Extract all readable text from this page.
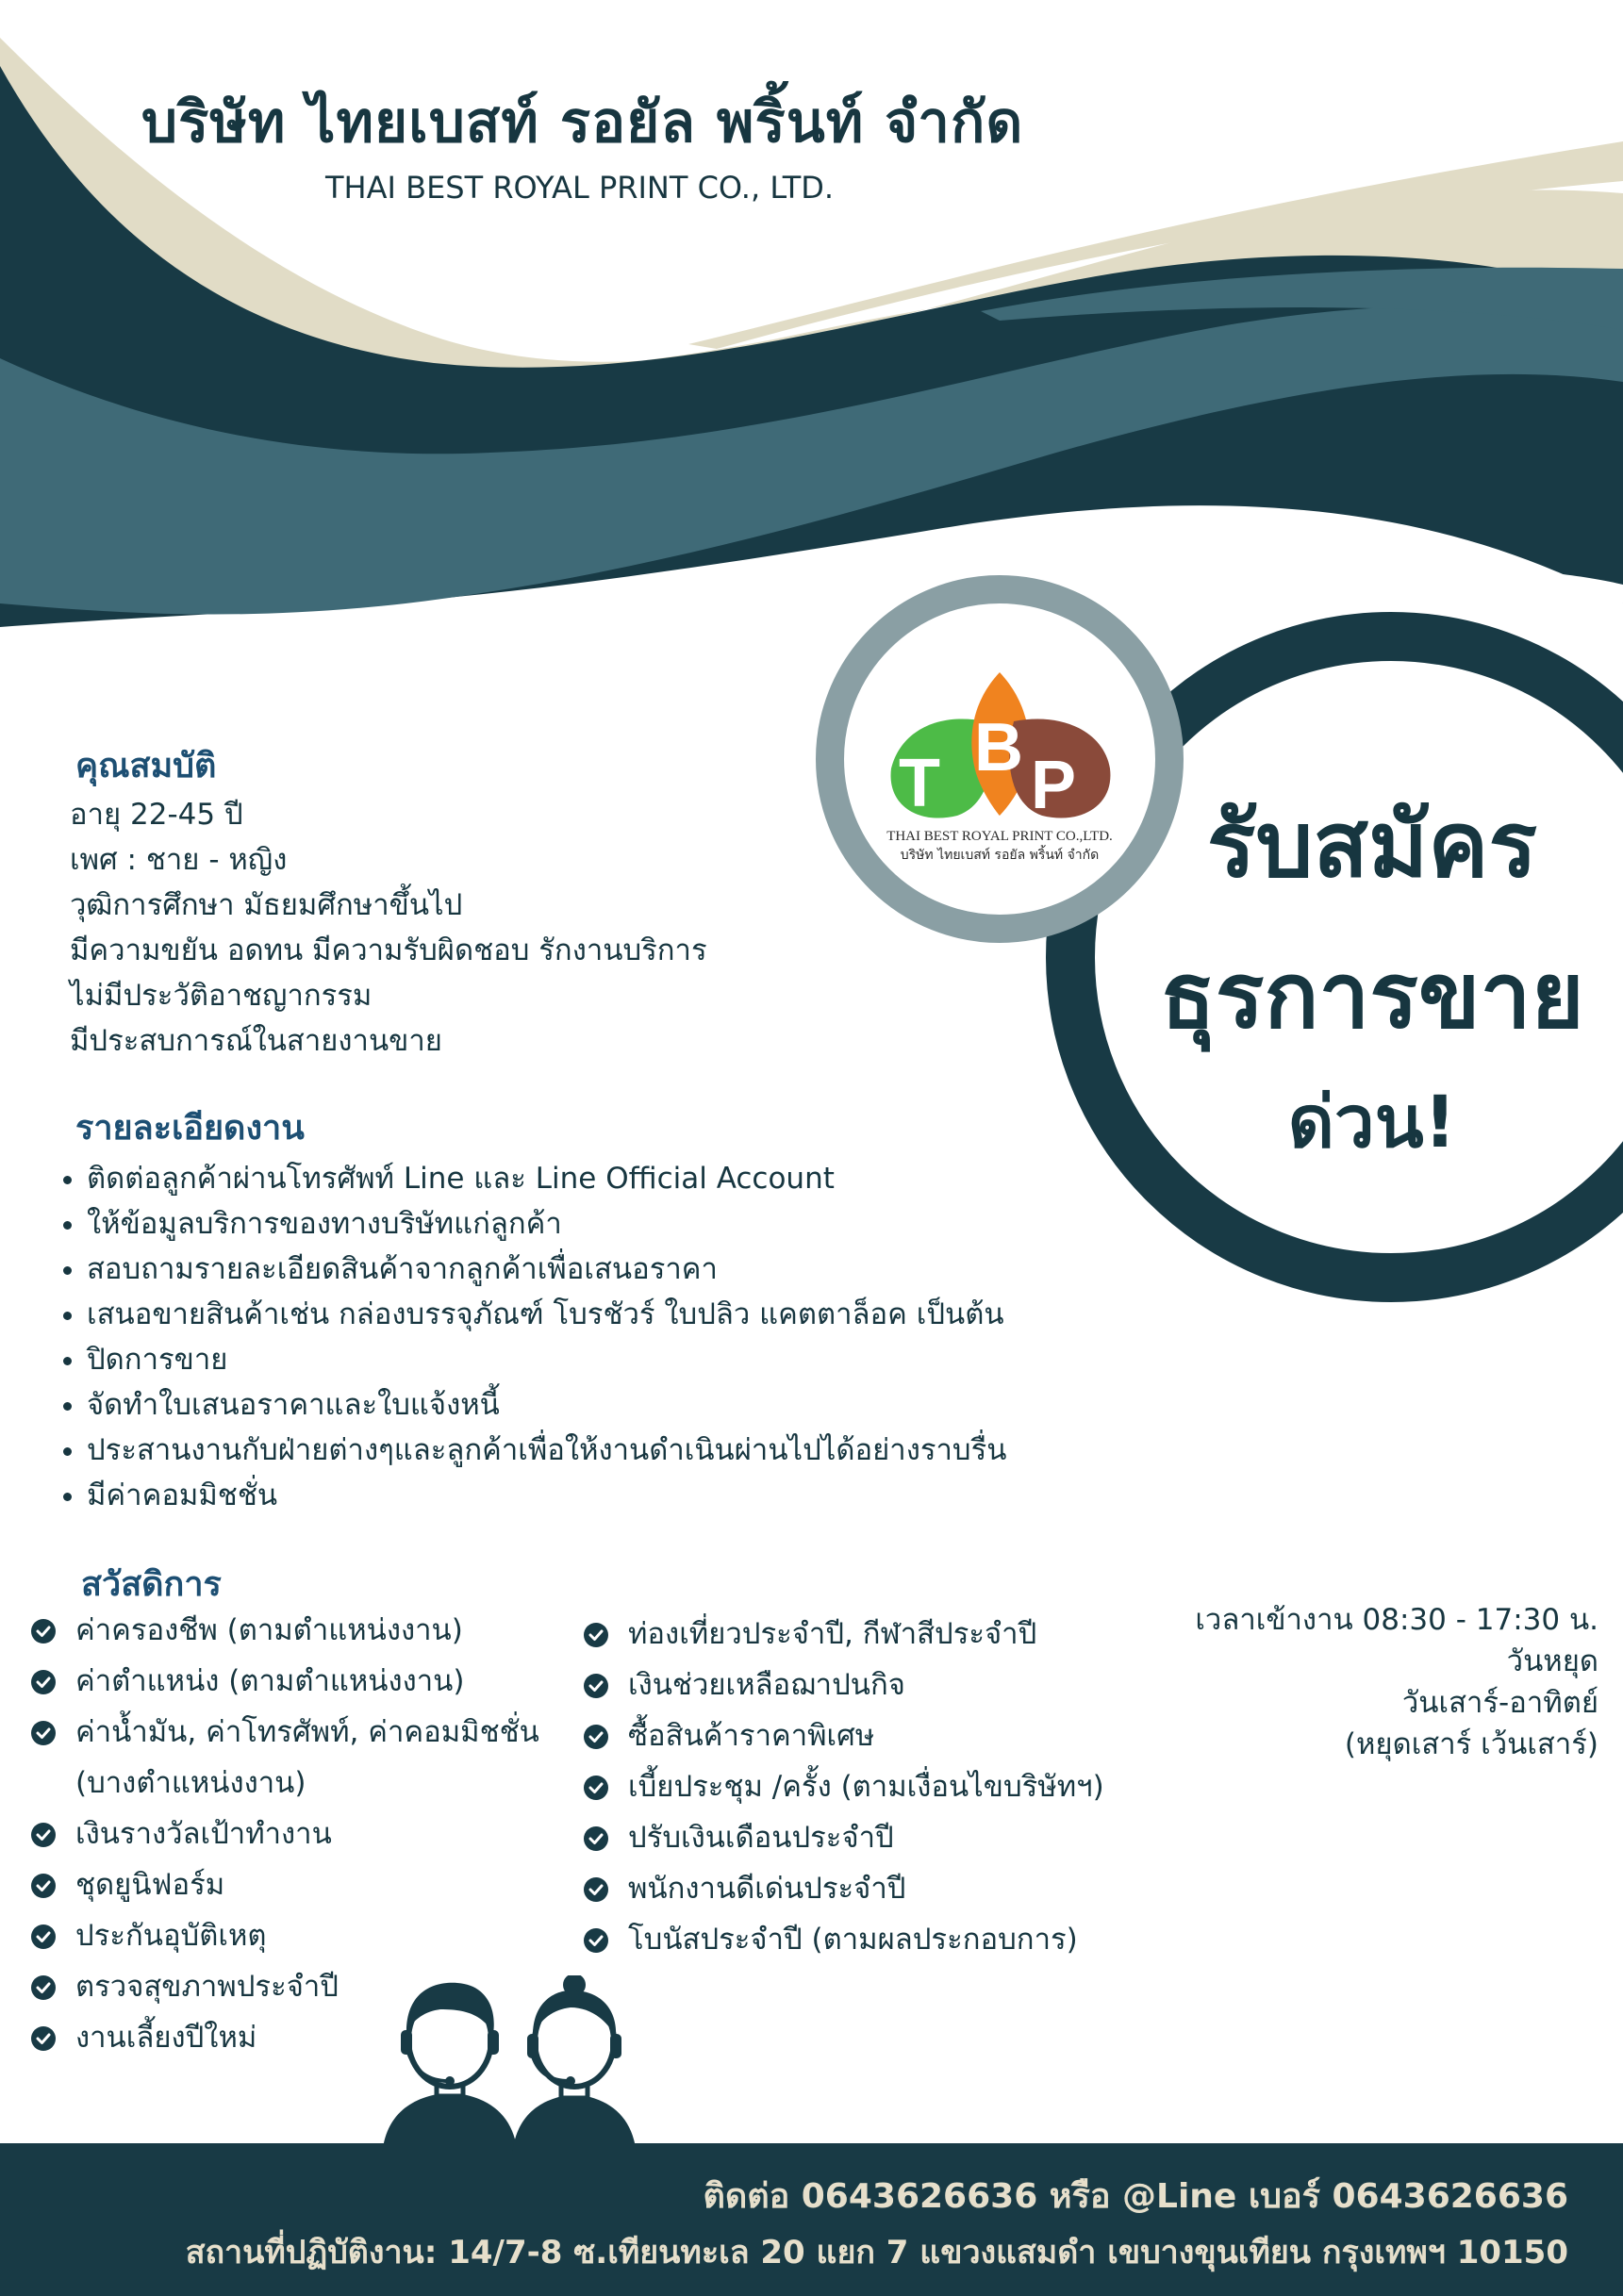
T B P
THAI BEST ROYAL PRINT CO.,LTD.
บริษัท ไทยเบสท์ รอยัล พริ้นท์ จำกัด
บริษัท ไทยเบสท์ รอยัล พริ้นท์ จำกัด
THAI BEST ROYAL PRINT CO., LTD.
รับสมัคร
ธุรการขาย
ด่วน!
คุณสมบัติ
อายุ 22-45 ปี
เพศ : ชาย - หญิง
วุฒิการศึกษา มัธยมศึกษาขึ้นไป
มีความขยัน อดทน มีความรับผิดชอบ รักงานบริการ
ไม่มีประวัติอาชญากรรม
มีประสบการณ์ในสายงานขาย
รายละเอียดงาน
• ติดต่อลูกค้าผ่านโทรศัพท์ Line และ Line Official Account
• ให้ข้อมูลบริการของทางบริษัทแก่ลูกค้า
• สอบถามรายละเอียดสินค้าจากลูกค้าเพื่อเสนอราคา
• เสนอขายสินค้าเช่น กล่องบรรจุภัณฑ์ โบรชัวร์ ใบปลิว แคตตาล็อค เป็นต้น
• ปิดการขาย
• จัดทำใบเสนอราคาและใบแจ้งหนี้
• ประสานงานกับฝ่ายต่างๆและลูกค้าเพื่อให้งานดำเนินผ่านไปได้อย่างราบรื่น
• มีค่าคอมมิชชั่น
สวัสดิการ
ค่าครองชีพ (ตามตำแหน่งงาน)
ค่าตำแหน่ง (ตามตำแหน่งงาน)
ค่าน้ำมัน, ค่าโทรศัพท์, ค่าคอมมิชชั่น
(บางตำแหน่งงาน)
เงินรางวัลเป้าทำงาน
ชุดยูนิฟอร์ม
ประกันอุบัติเหตุ
ตรวจสุขภาพประจำปี
งานเลี้ยงปีใหม่
ท่องเที่ยวประจำปี, กีฬาสีประจำปี
เงินช่วยเหลือฌาปนกิจ
ซื้อสินค้าราคาพิเศษ
เบี้ยประชุม /ครั้ง (ตามเงื่อนไขบริษัทฯ)
ปรับเงินเดือนประจำปี
พนักงานดีเด่นประจำปี
โบนัสประจำปี (ตามผลประกอบการ)
เวลาเข้างาน 08:30 - 17:30 น.
วันหยุด
วันเสาร์-อาทิตย์
(หยุดเสาร์ เว้นเสาร์)
ติดต่อ 0643626636 หรือ @Line เบอร์ 0643626636
สถานที่ปฏิบัติงาน: 14/7-8 ซ.เทียนทะเล 20 แยก 7 แขวงแสมดำ เขบางขุนเทียน กรุงเทพฯ 10150
